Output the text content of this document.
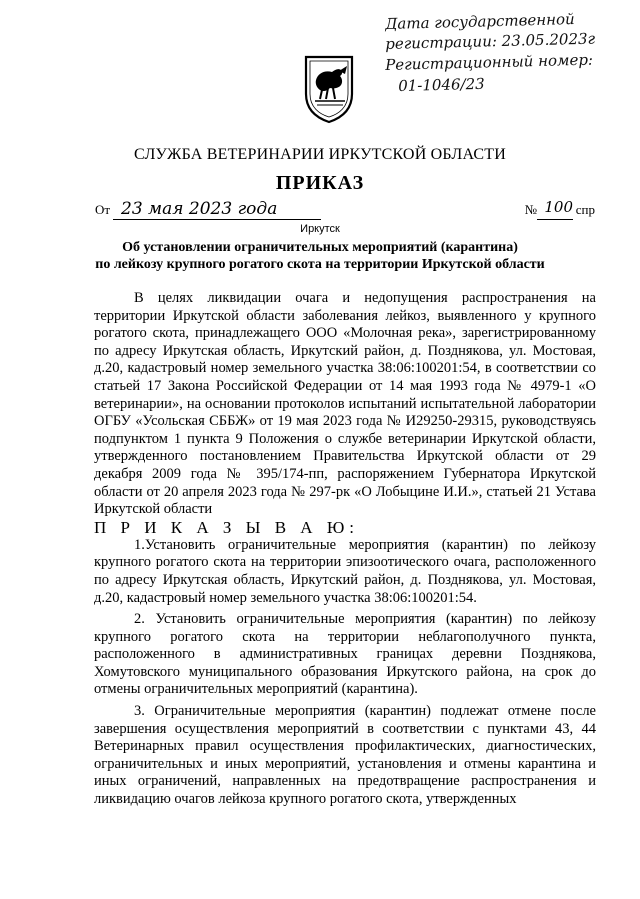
Дата государственной
регистрации: 23.05.2023г
Регистрационный номер:
01-1046/23
СЛУЖБА ВЕТЕРИНАРИИ ИРКУТСКОЙ ОБЛАСТИ
ПРИКАЗ
От 23 мая 2023 года	№ 100 спр
Иркутск
Об установлении ограничительных мероприятий (карантина)
по лейкозу крупного рогатого скота на территории Иркутской области

В целях ликвидации очага и недопущения распространения на территории Иркутской области заболевания лейкоз, выявленного у крупного рогатого скота, принадлежащего ООО «Молочная река», зарегистрированному по адресу Иркутская область, Иркутский район, д. Позднякова, ул. Мостовая, д.20, кадастровый номер земельного участка 38:06:100201:54, в соответствии со статьей 17 Закона Российской Федерации от 14 мая 1993 года № 4979-1 «О ветеринарии», на основании протоколов испытаний испытательной лаборатории ОГБУ «Усольская СББЖ» от 19 мая 2023 года № И29250-29315, руководствуясь подпунктом 1 пункта 9 Положения о службе ветеринарии Иркутской области, утвержденного постановлением Правительства Иркутской области от 29 декабря 2009 года № 395/174-пп, распоряжением Губернатора Иркутской области от 20 апреля 2023 года № 297-рк «О Лобыцине И.И.», статьей 21 Устава Иркутской области

П Р И К А З Ы В А Ю:

1.Установить ограничительные мероприятия (карантин) по лейкозу крупного рогатого скота на территории эпизоотического очага, расположенного по адресу Иркутская область, Иркутский район, д. Позднякова, ул. Мостовая, д.20, кадастровый номер земельного участка 38:06:100201:54.

2. Установить ограничительные мероприятия (карантин) по лейкозу крупного рогатого скота на территории неблагополучного пункта, расположенного в административных границах деревни Позднякова, Хомутовского муниципального образования Иркутского района, на срок до отмены ограничительных мероприятий (карантина).

3. Ограничительные мероприятия (карантин) подлежат отмене после завершения осуществления мероприятий в соответствии с пунктами 43, 44 Ветеринарных правил осуществления профилактических, диагностических, ограничительных и иных мероприятий, установления и отмены карантина и иных ограничений, направленных на предотвращение распространения и ликвидацию очагов лейкоза крупного рогатого скота, утвержденных
